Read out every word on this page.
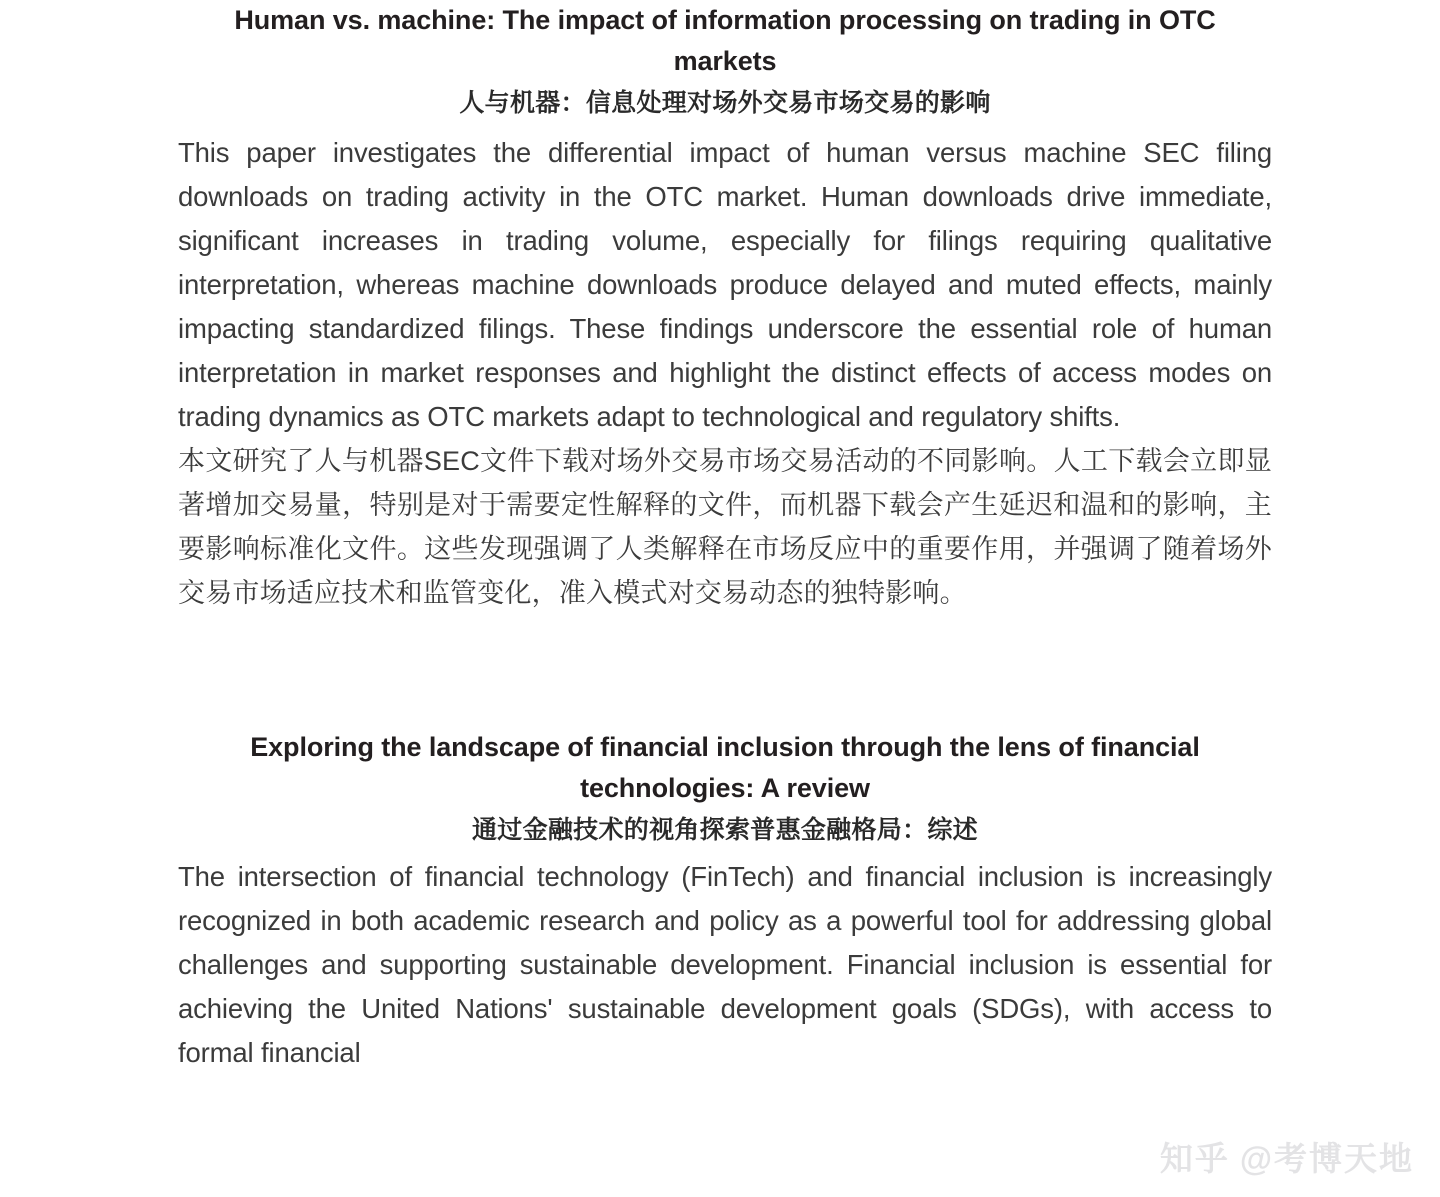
Human vs. machine: The impact of information processing on trading in OTC markets
人与机器：信息处理对场外交易市场交易的影响

This paper investigates the differential impact of human versus machine SEC filing downloads on trading activity in the OTC market. Human downloads drive immediate, significant increases in trading volume, especially for filings requiring qualitative interpretation, whereas machine downloads produce delayed and muted effects, mainly impacting standardized filings. These findings underscore the essential role of human interpretation in market responses and highlight the distinct effects of access modes on trading dynamics as OTC markets adapt to technological and regulatory shifts.

本文研究了人与机器SEC文件下载对场外交易市场交易活动的不同影响。人工下载会立即显著增加交易量，特别是对于需要定性解释的文件，而机器下载会产生延迟和温和的影响，主要影响标准化文件。这些发现强调了人类解释在市场反应中的重要作用，并强调了随着场外交易市场适应技术和监管变化，准入模式对交易动态的独特影响。

Exploring the landscape of financial inclusion through the lens of financial technologies: A review
通过金融技术的视角探索普惠金融格局：综述

The intersection of financial technology (FinTech) and financial inclusion is increasingly recognized in both academic research and policy as a powerful tool for addressing global challenges and supporting sustainable development. Financial inclusion is essential for achieving the United Nations' sustainable development goals (SDGs), with access to formal financial

知乎 @考博天地
